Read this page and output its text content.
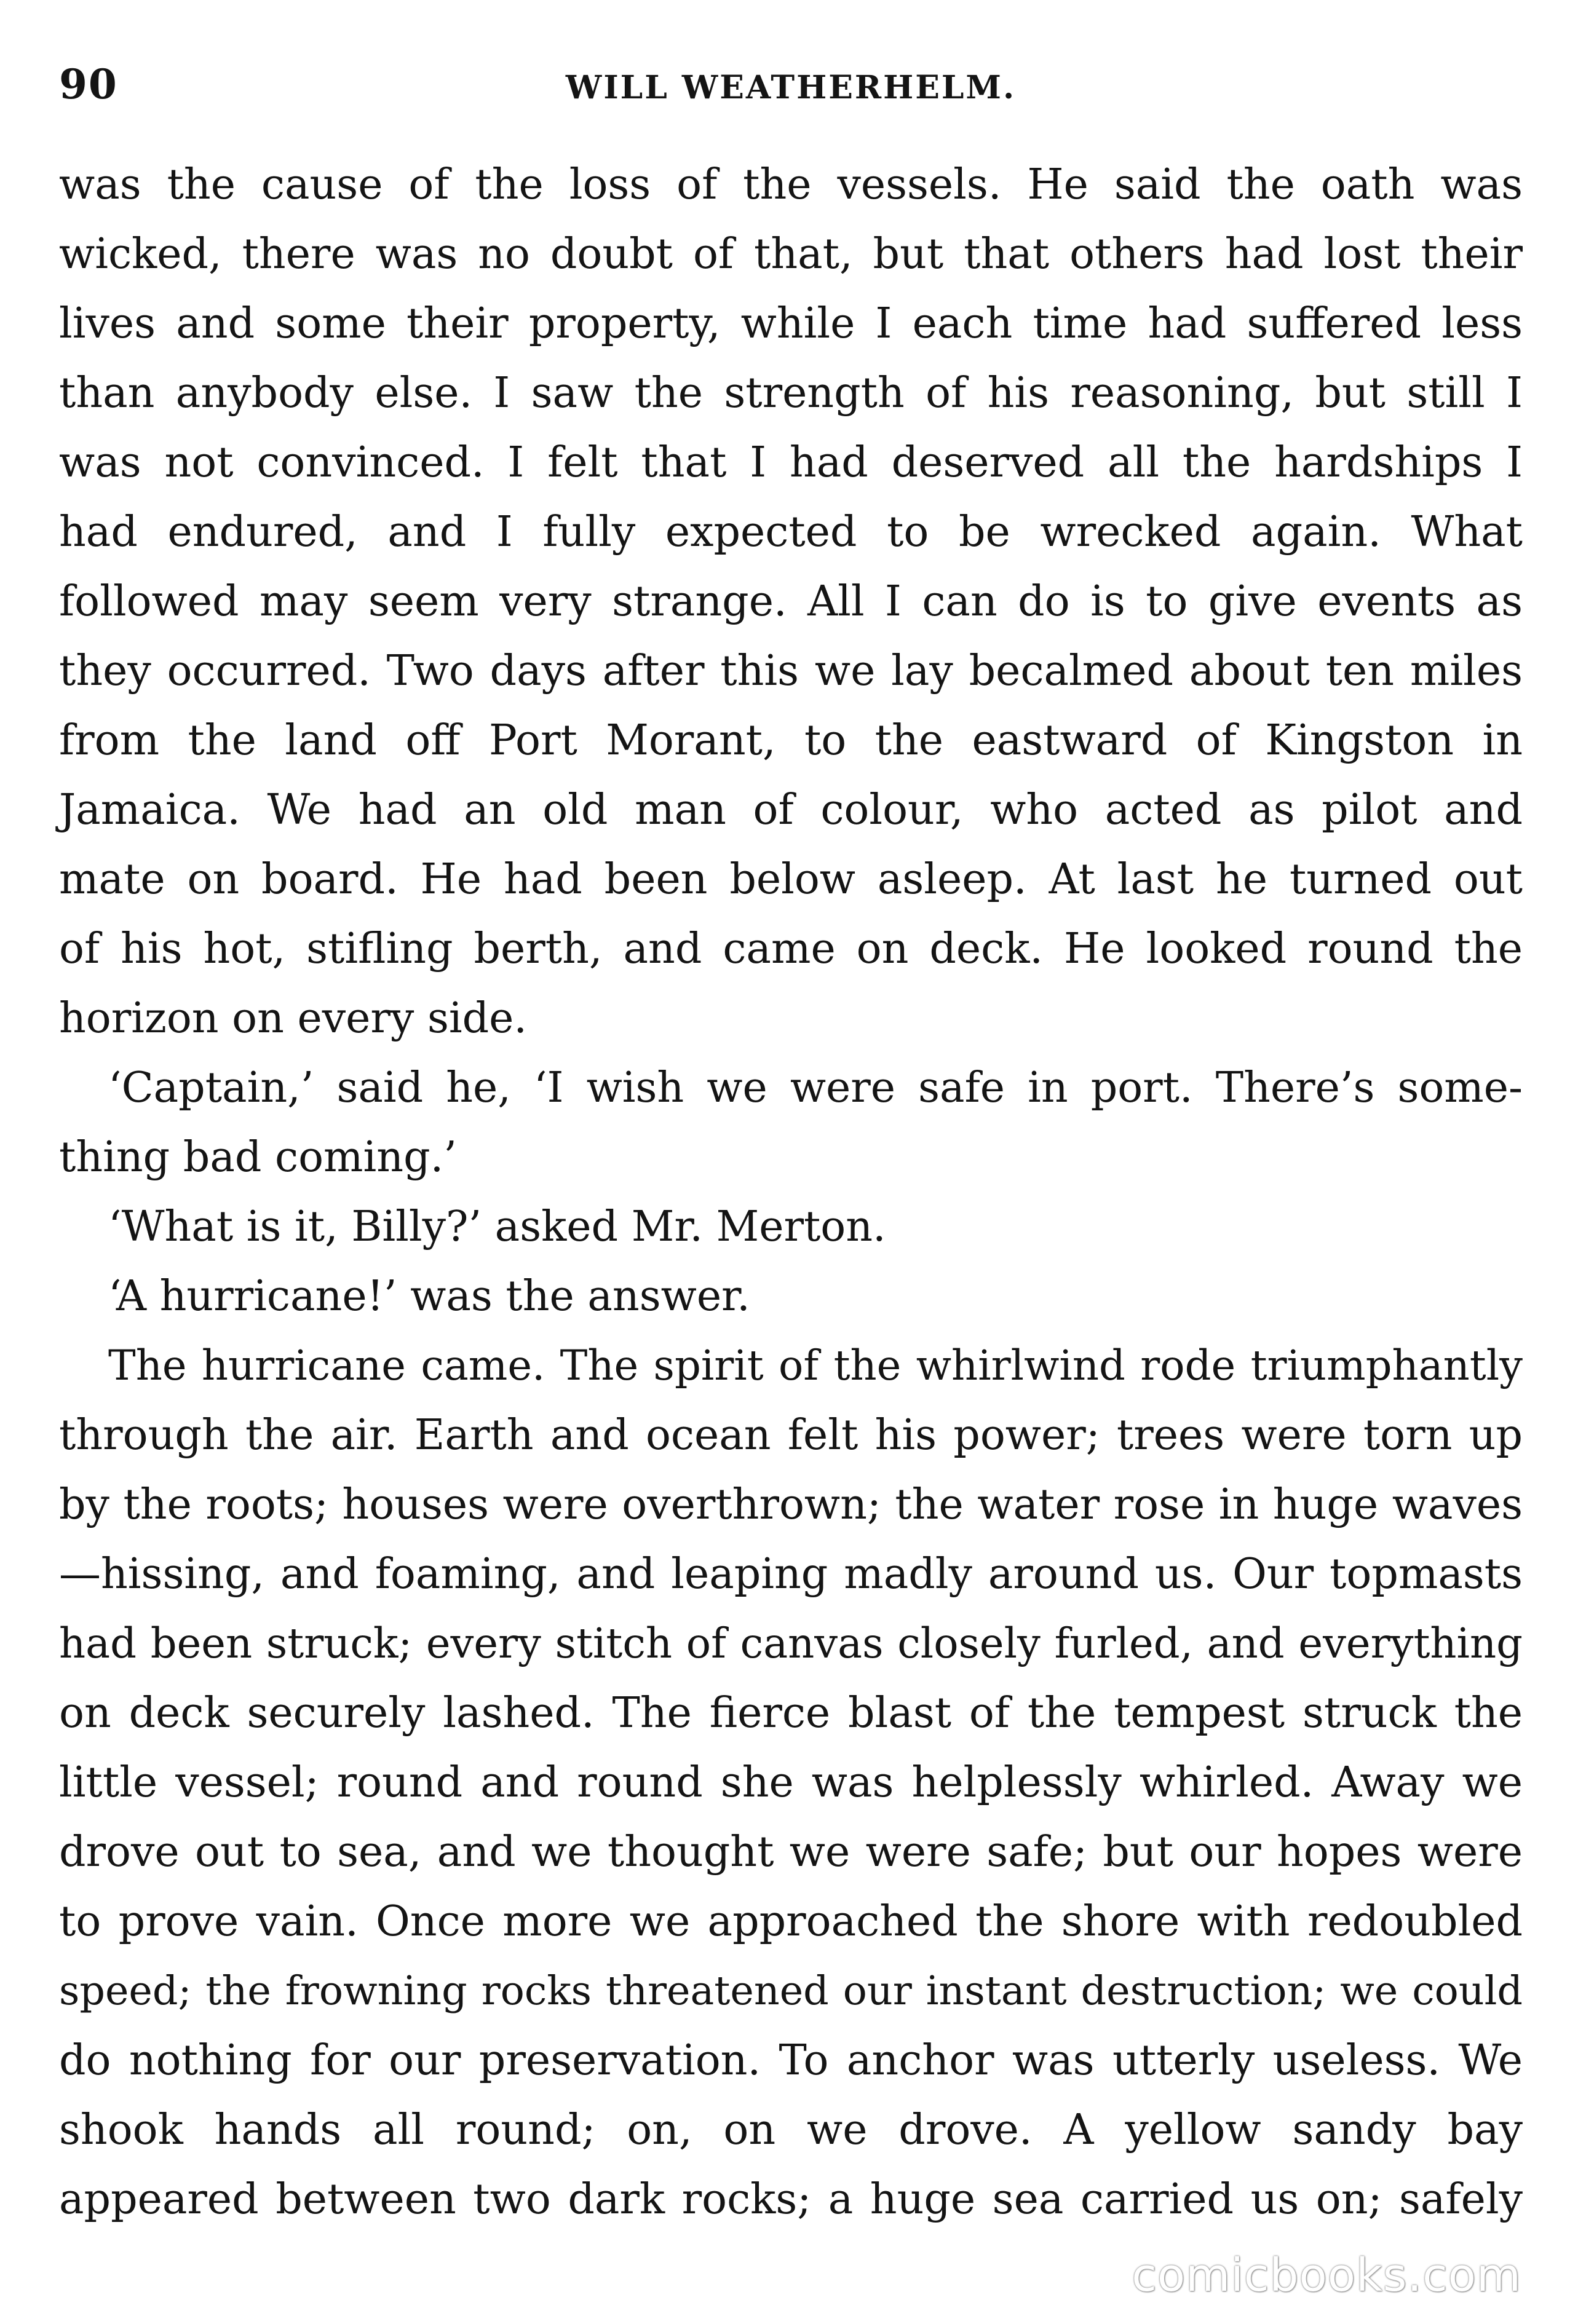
90	WILL WEATHERHELM.
was the cause of the loss of the vessels. He said the oath was
wicked, there was no doubt of that, but that others had lost their
lives and some their property, while I each time had suffered less
than anybody else. I saw the strength of his reasoning, but still I
was not convinced. I felt that I had deserved all the hardships I
had endured, and I fully expected to be wrecked again. What
followed may seem very strange. All I can do is to give events as
they occurred. Two days after this we lay becalmed about ten miles
from the land off Port Morant, to the eastward of Kingston in
Jamaica. We had an old man of colour, who acted as pilot and
mate on board. He had been below asleep. At last he turned out
of his hot, stifling berth, and came on deck. He looked round the
horizon on every side.
‘Captain,’ said he, ‘I wish we were safe in port. There’s some-
thing bad coming.’
‘What is it, Billy?’ asked Mr. Merton.
‘A hurricane!’ was the answer.
The hurricane came. The spirit of the whirlwind rode triumphantly
through the air. Earth and ocean felt his power; trees were torn up
by the roots; houses were overthrown; the water rose in huge waves
—hissing, and foaming, and leaping madly around us. Our topmasts
had been struck; every stitch of canvas closely furled, and everything
on deck securely lashed. The fierce blast of the tempest struck the
little vessel; round and round she was helplessly whirled. Away we
drove out to sea, and we thought we were safe; but our hopes were
to prove vain. Once more we approached the shore with redoubled
speed; the frowning rocks threatened our instant destruction; we could
do nothing for our preservation. To anchor was utterly useless. We
shook hands all round; on, on we drove. A yellow sandy bay
appeared between two dark rocks; a huge sea carried us on; safely
comicbooks.com
